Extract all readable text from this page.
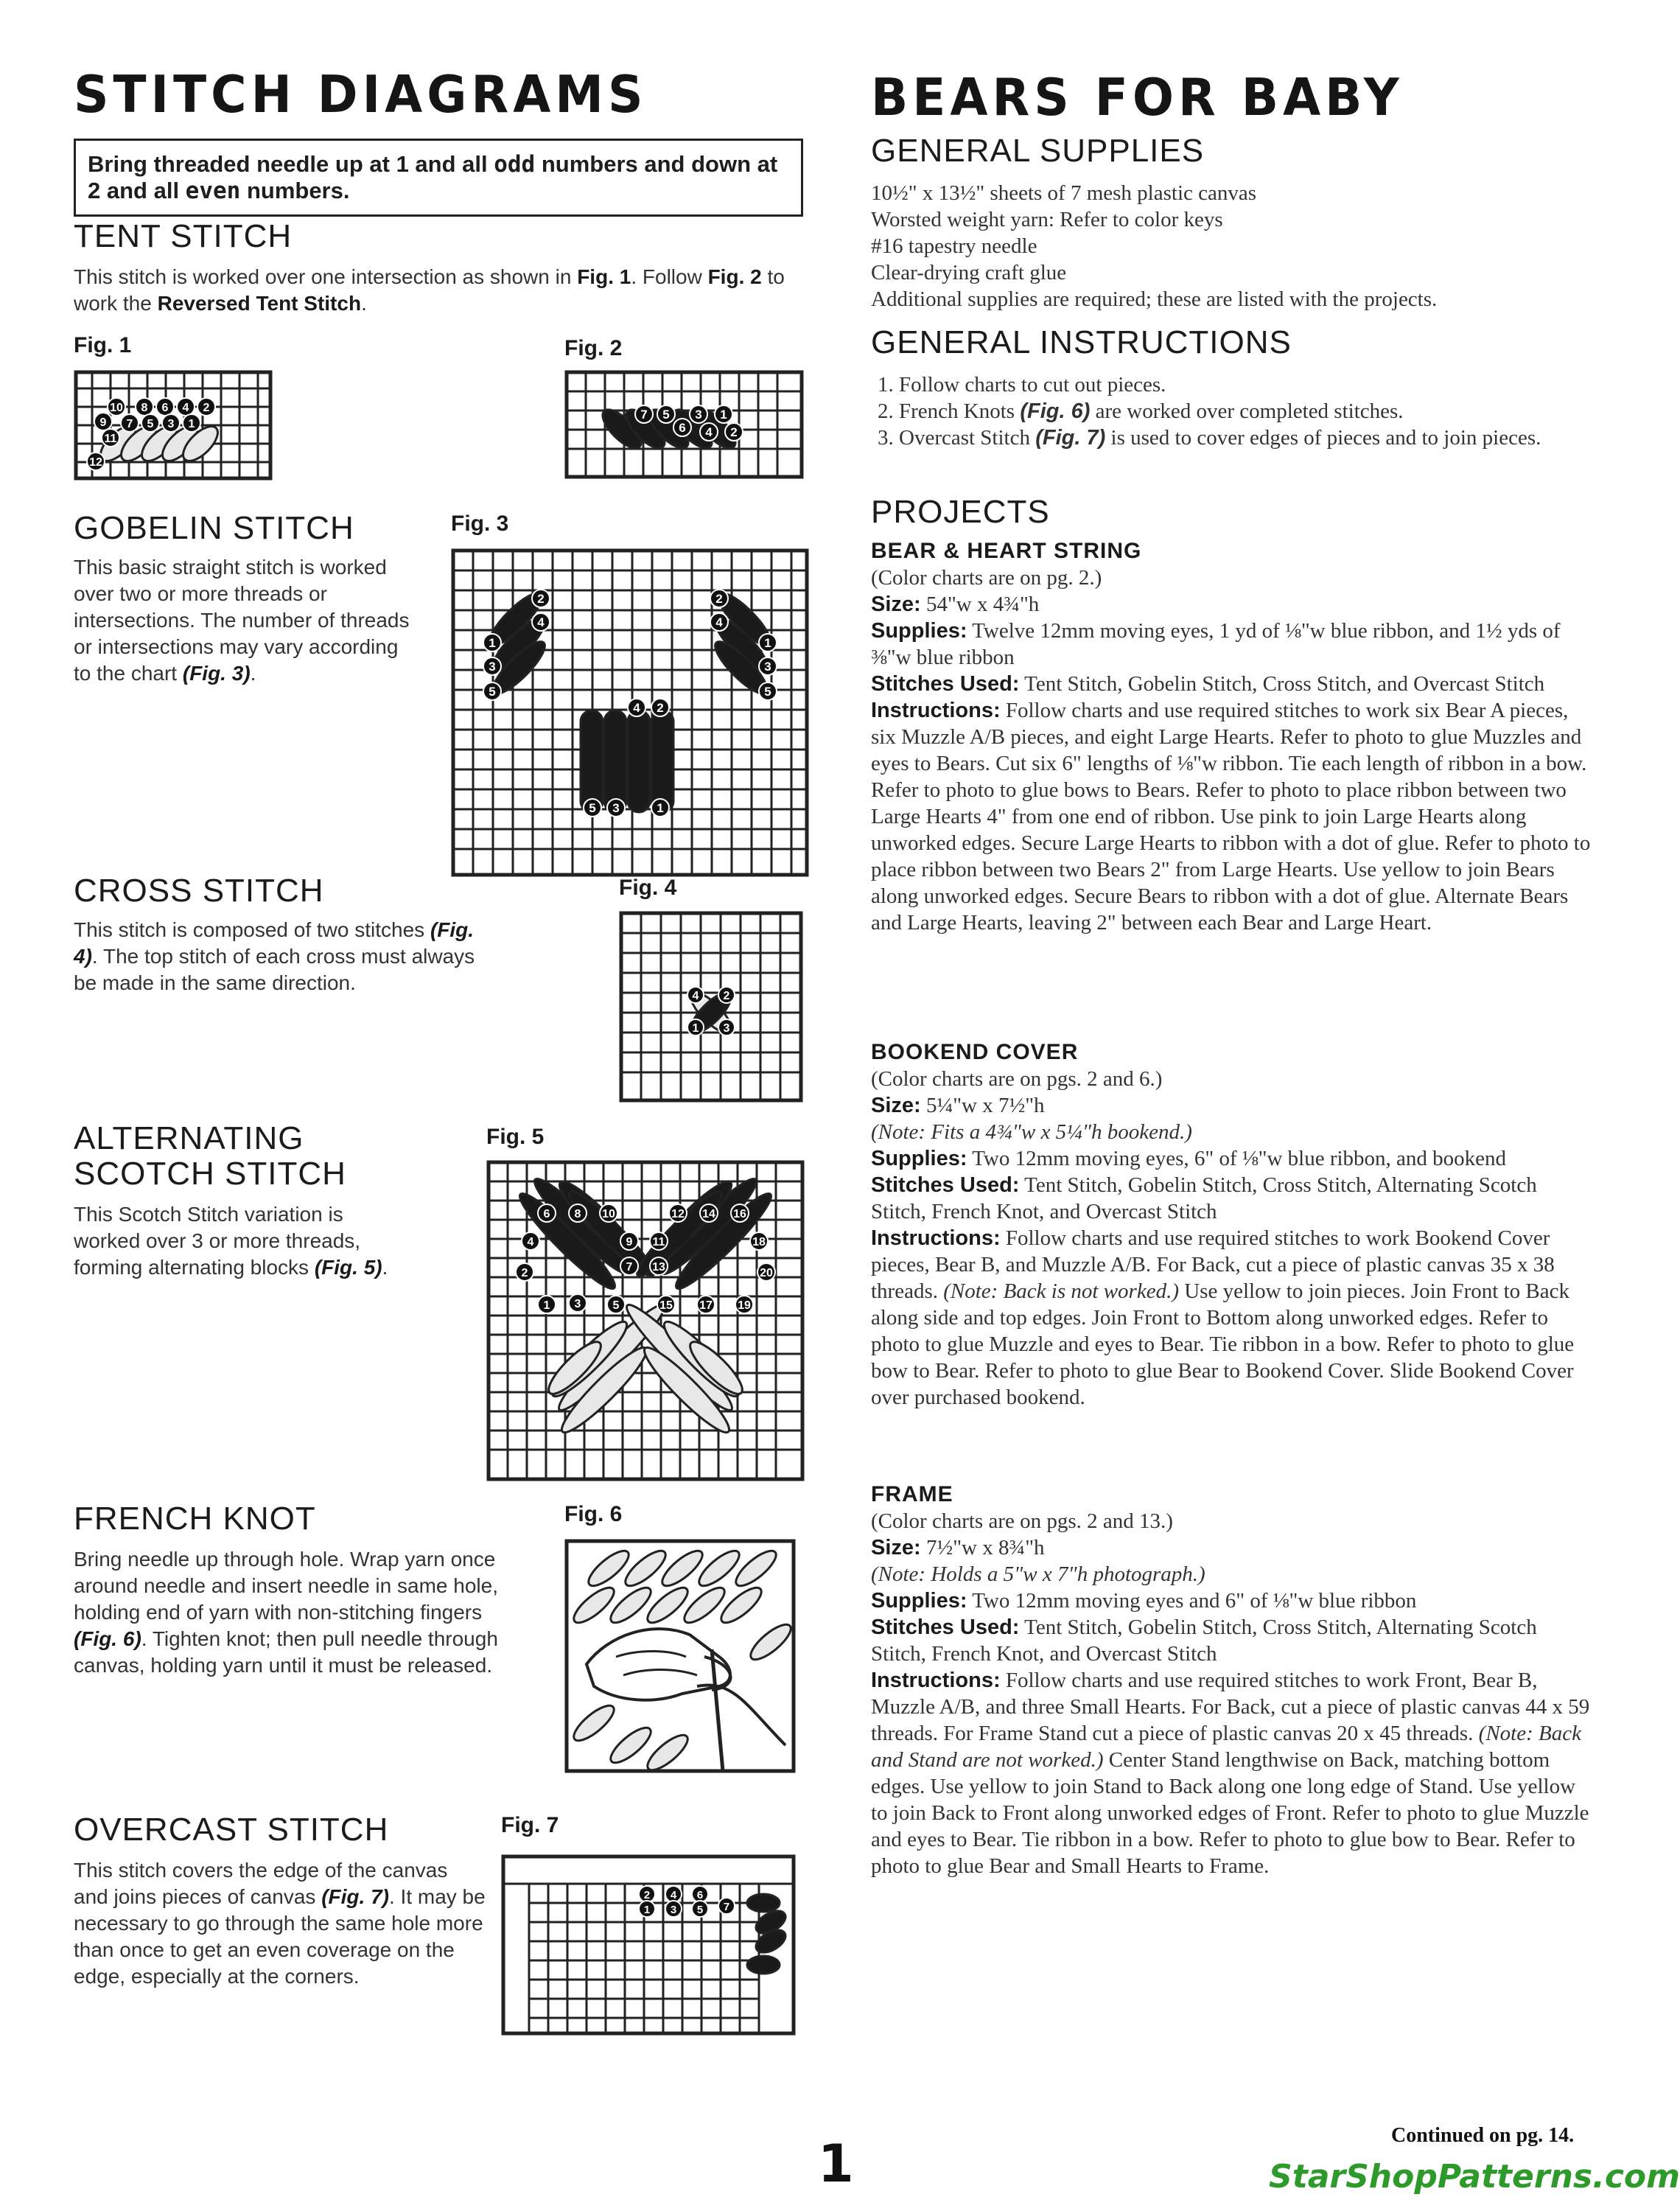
STITCH DIAGRAMS
Bring threaded needle up at 1 and all odd numbers and down at 2 and all even numbers.
TENT STITCH
This stitch is worked over one intersection as shown in Fig. 1. Follow Fig. 2 to work the Reversed Tent Stitch.
Fig. 1
10 8 6 4 2
9 7 5 3 1
11
12
Fig. 2
7 5
6
3
4
1
2
GOBELIN STITCH
This basic straight stitch is worked over two or more threads or intersections. The number of threads or intersections may vary according to the chart (Fig. 3).
Fig. 3
2
4
1
3
5
2
4
1
3
5
4 2
5 3	1
CROSS STITCH
This stitch is composed of two stitches (Fig. 4). The top stitch of each cross must always be made in the same direction.
Fig. 4
4 2
1 3
ALTERNATING
SCOTCH STITCH
This Scotch Stitch variation is worked over 3 or more threads, forming alternating blocks (Fig. 5).
Fig. 5
6 8 10	12 14 16
4	9 11	18
2	7 13	20
1 3	5	15 17 19
FRENCH KNOT
Bring needle up through hole. Wrap yarn once around needle and insert needle in same hole, holding end of yarn with non-stitching fingers (Fig. 6). Tighten knot; then pull needle through canvas, holding yarn until it must be released.
Fig. 6
OVERCAST STITCH
This stitch covers the edge of the canvas and joins pieces of canvas (Fig. 7). It may be necessary to go through the same hole more than once to get an even coverage on the edge, especially at the corners.
Fig. 7
2
1
4
3
6
5 7
BEARS FOR BABY
GENERAL SUPPLIES

10½" x 13½" sheets of 7 mesh plastic canvas

Worsted weight yarn: Refer to color keys

#16 tapestry needle

Clear-drying craft glue

Additional supplies are required; these are listed with the projects.

GENERAL INSTRUCTIONS
1. Follow charts to cut out pieces.
2. French Knots (Fig. 6) are worked over completed stitches.
3. Overcast Stitch (Fig. 7) is used to cover edges of pieces and to join pieces.
PROJECTS

BEAR & HEART STRING

(Color charts are on pg. 2.)

Size: 54"w x 4¾"h

Supplies: Twelve 12mm moving eyes, 1 yd of ⅛"w blue ribbon, and 1½ yds of ⅜"w blue ribbon

Stitches Used: Tent Stitch, Gobelin Stitch, Cross Stitch, and Overcast Stitch

Instructions: Follow charts and use required stitches to work six Bear A pieces, six Muzzle A/B pieces, and eight Large Hearts. Refer to photo to glue Muzzles and eyes to Bears. Cut six 6" lengths of ⅛"w ribbon. Tie each length of ribbon in a bow. Refer to photo to glue bows to Bears. Refer to photo to place ribbon between two Large Hearts 4" from one end of ribbon. Use pink to join Large Hearts along unworked edges. Secure Large Hearts to ribbon with a dot of glue. Refer to photo to place ribbon between two Bears 2" from Large Hearts. Use yellow to join Bears along unworked edges. Secure Bears to ribbon with a dot of glue. Alternate Bears and Large Hearts, leaving 2" between each Bear and Large Heart.

BOOKEND COVER

(Color charts are on pgs. 2 and 6.)

Size: 5¼"w x 7½"h

(Note: Fits a 4¾"w x 5¼"h bookend.)

Supplies: Two 12mm moving eyes, 6" of ⅛"w blue ribbon, and bookend

Stitches Used: Tent Stitch, Gobelin Stitch, Cross Stitch, Alternating Scotch Stitch, French Knot, and Overcast Stitch

Instructions: Follow charts and use required stitches to work Bookend Cover pieces, Bear B, and Muzzle A/B. For Back, cut a piece of plastic canvas 35 x 38 threads. (Note: Back is not worked.) Use yellow to join pieces. Join Front to Back along side and top edges. Join Front to Bottom along unworked edges. Refer to photo to glue Muzzle and eyes to Bear. Tie ribbon in a bow. Refer to photo to glue bow to Bear. Refer to photo to glue Bear to Bookend Cover. Slide Bookend Cover over purchased bookend.

FRAME

(Color charts are on pgs. 2 and 13.)

Size: 7½"w x 8¾"h

(Note: Holds a 5"w x 7"h photograph.)

Supplies: Two 12mm moving eyes and 6" of ⅛"w blue ribbon

Stitches Used: Tent Stitch, Gobelin Stitch, Cross Stitch, Alternating Scotch Stitch, French Knot, and Overcast Stitch

Instructions: Follow charts and use required stitches to work Front, Bear B, Muzzle A/B, and three Small Hearts. For Back, cut a piece of plastic canvas 44 x 59 threads. For Frame Stand cut a piece of plastic canvas 20 x 45 threads. (Note: Back and Stand are not worked.) Center Stand lengthwise on Back, matching bottom edges. Use yellow to join Stand to Back along one long edge of Stand. Use yellow to join Back to Front along unworked edges of Front. Refer to photo to glue Muzzle and eyes to Bear. Tie ribbon in a bow. Refer to photo to glue bow to Bear. Refer to photo to glue Bear and Small Hearts to Frame.

1	Continued on pg. 14.
StarShopPatterns.com
